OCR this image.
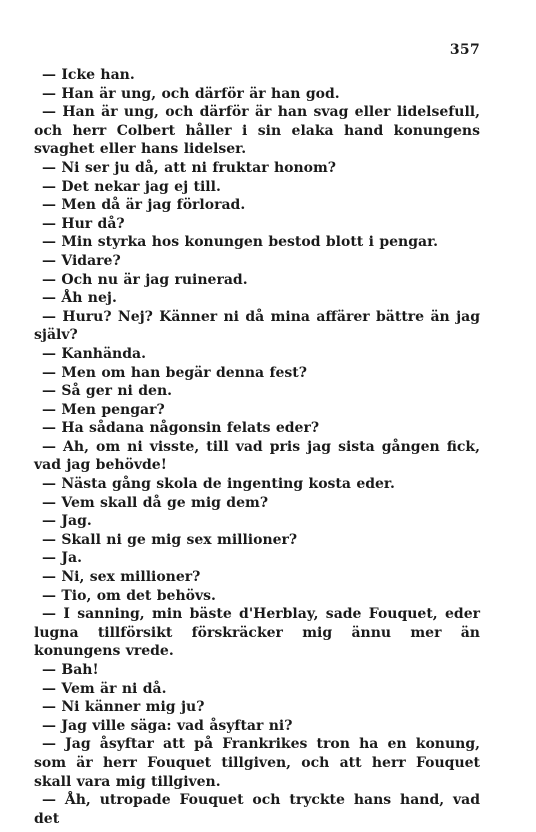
357

— Icke han.

— Han är ung, och därför är han god.

— Han är ung, och därför är han svag eller lidelsefull, och herr Colbert håller i sin elaka hand konungens svaghet eller hans lidelser.

— Ni ser ju då, att ni fruktar honom?

— Det nekar jag ej till.

— Men då är jag förlorad.

— Hur då?

— Min styrka hos konungen bestod blott i pengar.

— Vidare?

— Och nu är jag ruinerad.

— Åh nej.

— Huru? Nej? Känner ni då mina affärer bättre än jag själv?

— Kanhända.

— Men om han begär denna fest?

— Så ger ni den.

— Men pengar?

— Ha sådana någonsin felats eder?

— Ah, om ni visste, till vad pris jag sista gången fick, vad jag behövde!

— Nästa gång skola de ingenting kosta eder.

— Vem skall då ge mig dem?

— Jag.

— Skall ni ge mig sex millioner?

— Ja.

— Ni, sex millioner?

— Tio, om det behövs.

— I sanning, min bäste d'Herblay, sade Fouquet, eder lugna tillförsikt förskräcker mig ännu mer än konungens vrede.

— Bah!

— Vem är ni då.

— Ni känner mig ju?

— Jag ville säga: vad åsyftar ni?

— Jag åsyftar att på Frankrikes tron ha en konung, som är herr Fouquet tillgiven, och att herr Fouquet skall vara mig tillgiven.

— Åh, utropade Fouquet och tryckte hans hand, vad det
